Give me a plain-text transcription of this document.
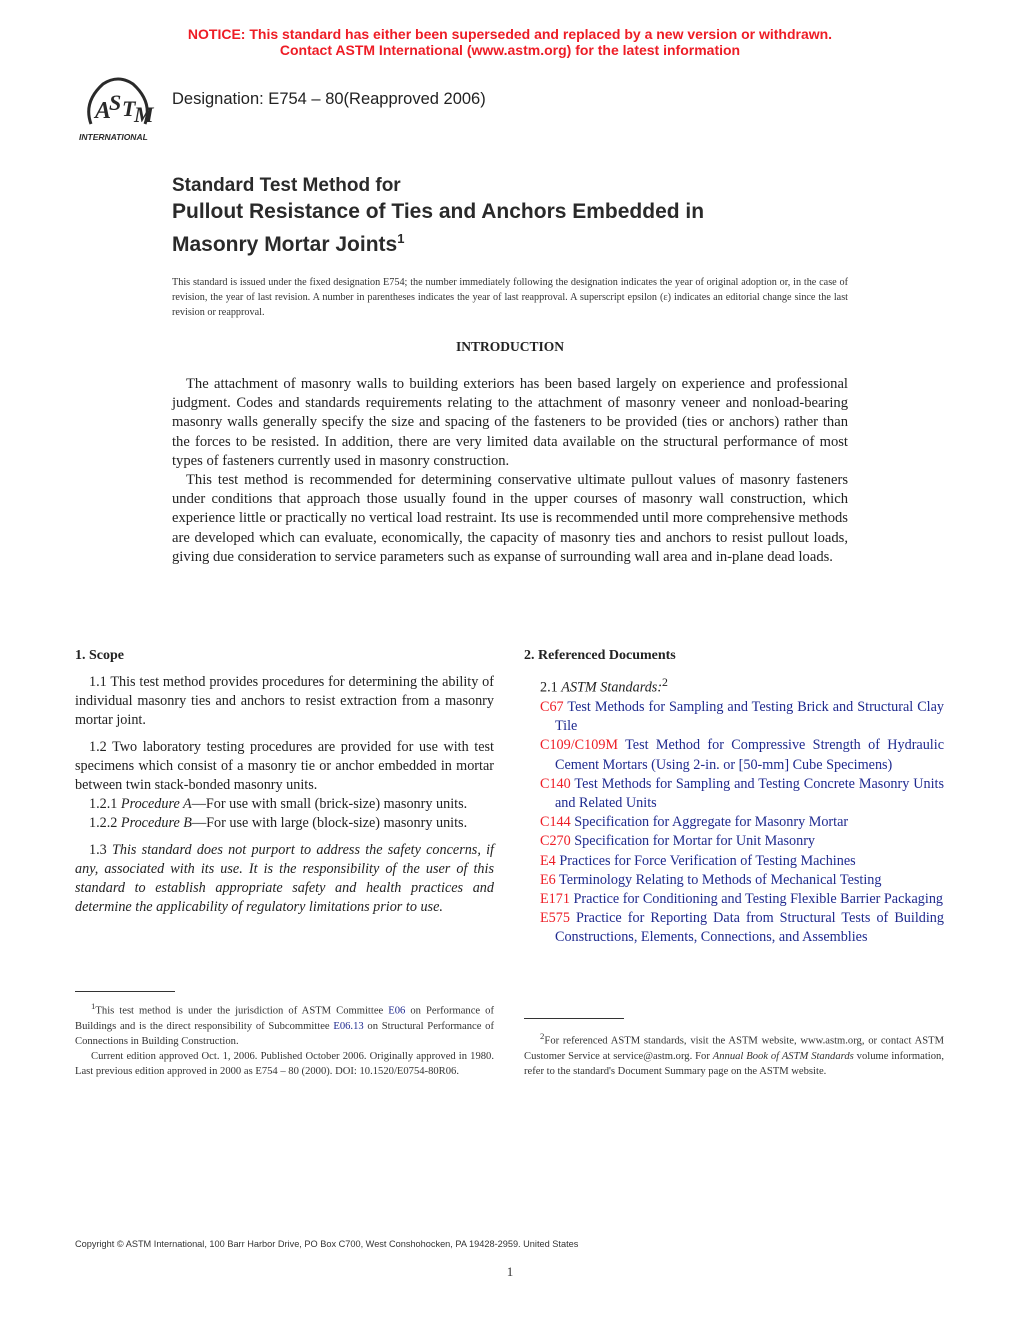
NOTICE: This standard has either been superseded and replaced by a new version or withdrawn.
Contact ASTM International (www.astm.org) for the latest information
A
S T
M
INTERNATIONAL
Designation: E754 – 80(Reapproved 2006)
Standard Test Method for
Pullout Resistance of Ties and Anchors Embedded in
Masonry Mortar Joints$^1$
This standard is issued under the fixed designation E754; the number immediately following the designation indicates the year of original adoption or, in the case of revision, the year of last revision. A number in parentheses indicates the year of last reapproval. A superscript epsilon (ε) indicates an editorial change since the last revision or reapproval.
INTRODUCTION

The attachment of masonry walls to building exteriors has been based largely on experience and professional judgment. Codes and standards requirements relating to the attachment of masonry veneer and nonload-bearing masonry walls generally specify the size and spacing of the fasteners to be provided (ties or anchors) rather than the forces to be resisted. In addition, there are very limited data available on the structural performance of most types of fasteners currently used in masonry construction.

This test method is recommended for determining conservative ultimate pullout values of masonry fasteners under conditions that approach those usually found in the upper courses of masonry wall construction, which experience little or practically no vertical load restraint. Its use is recommended until more comprehensive methods are developed which can evaluate, economically, the capacity of masonry ties and anchors to resist pullout loads, giving due consideration to service parameters such as expanse of surrounding wall area and in-plane dead loads.

1. Scope

1.1 This test method provides procedures for determining the ability of individual masonry ties and anchors to resist extraction from a masonry mortar joint.

1.2 Two laboratory testing procedures are provided for use with test specimens which consist of a masonry tie or anchor embedded in mortar between twin stack-bonded masonry units.

1.2.1 Procedure A—For use with small (brick-size) masonry units.

1.2.2 Procedure B—For use with large (block-size) masonry units.

1.3 This standard does not purport to address the safety concerns, if any, associated with its use. It is the responsibility of the user of this standard to establish appropriate safety and health practices and determine the applicability of regulatory limitations prior to use.

2. Referenced Documents

2.1 ASTM Standards:$^2$

C67 Test Methods for Sampling and Testing Brick and Structural Clay Tile
C109/C109M Test Method for Compressive Strength of Hydraulic Cement Mortars (Using 2-in. or [50-mm] Cube Specimens)
C140 Test Methods for Sampling and Testing Concrete Masonry Units and Related Units
C144 Specification for Aggregate for Masonry Mortar
C270 Specification for Mortar for Unit Masonry
E4 Practices for Force Verification of Testing Machines
E6 Terminology Relating to Methods of Mechanical Testing
E171 Practice for Conditioning and Testing Flexible Barrier Packaging
E575 Practice for Reporting Data from Structural Tests of Building Constructions, Elements, Connections, and Assemblies

$^1$This test method is under the jurisdiction of ASTM Committee E06 on Performance of Buildings and is the direct responsibility of Subcommittee E06.13 on Structural Performance of Connections in Building Construction.

Current edition approved Oct. 1, 2006. Published October 2006. Originally approved in 1980. Last previous edition approved in 2000 as E754 – 80 (2000). DOI: 10.1520/E0754-80R06.

$^2$For referenced ASTM standards, visit the ASTM website, www.astm.org, or contact ASTM Customer Service at service@astm.org. For Annual Book of ASTM Standards volume information, refer to the standard's Document Summary page on the ASTM website.

Copyright © ASTM International, 100 Barr Harbor Drive, PO Box C700, West Conshohocken, PA 19428-2959. United States
1
